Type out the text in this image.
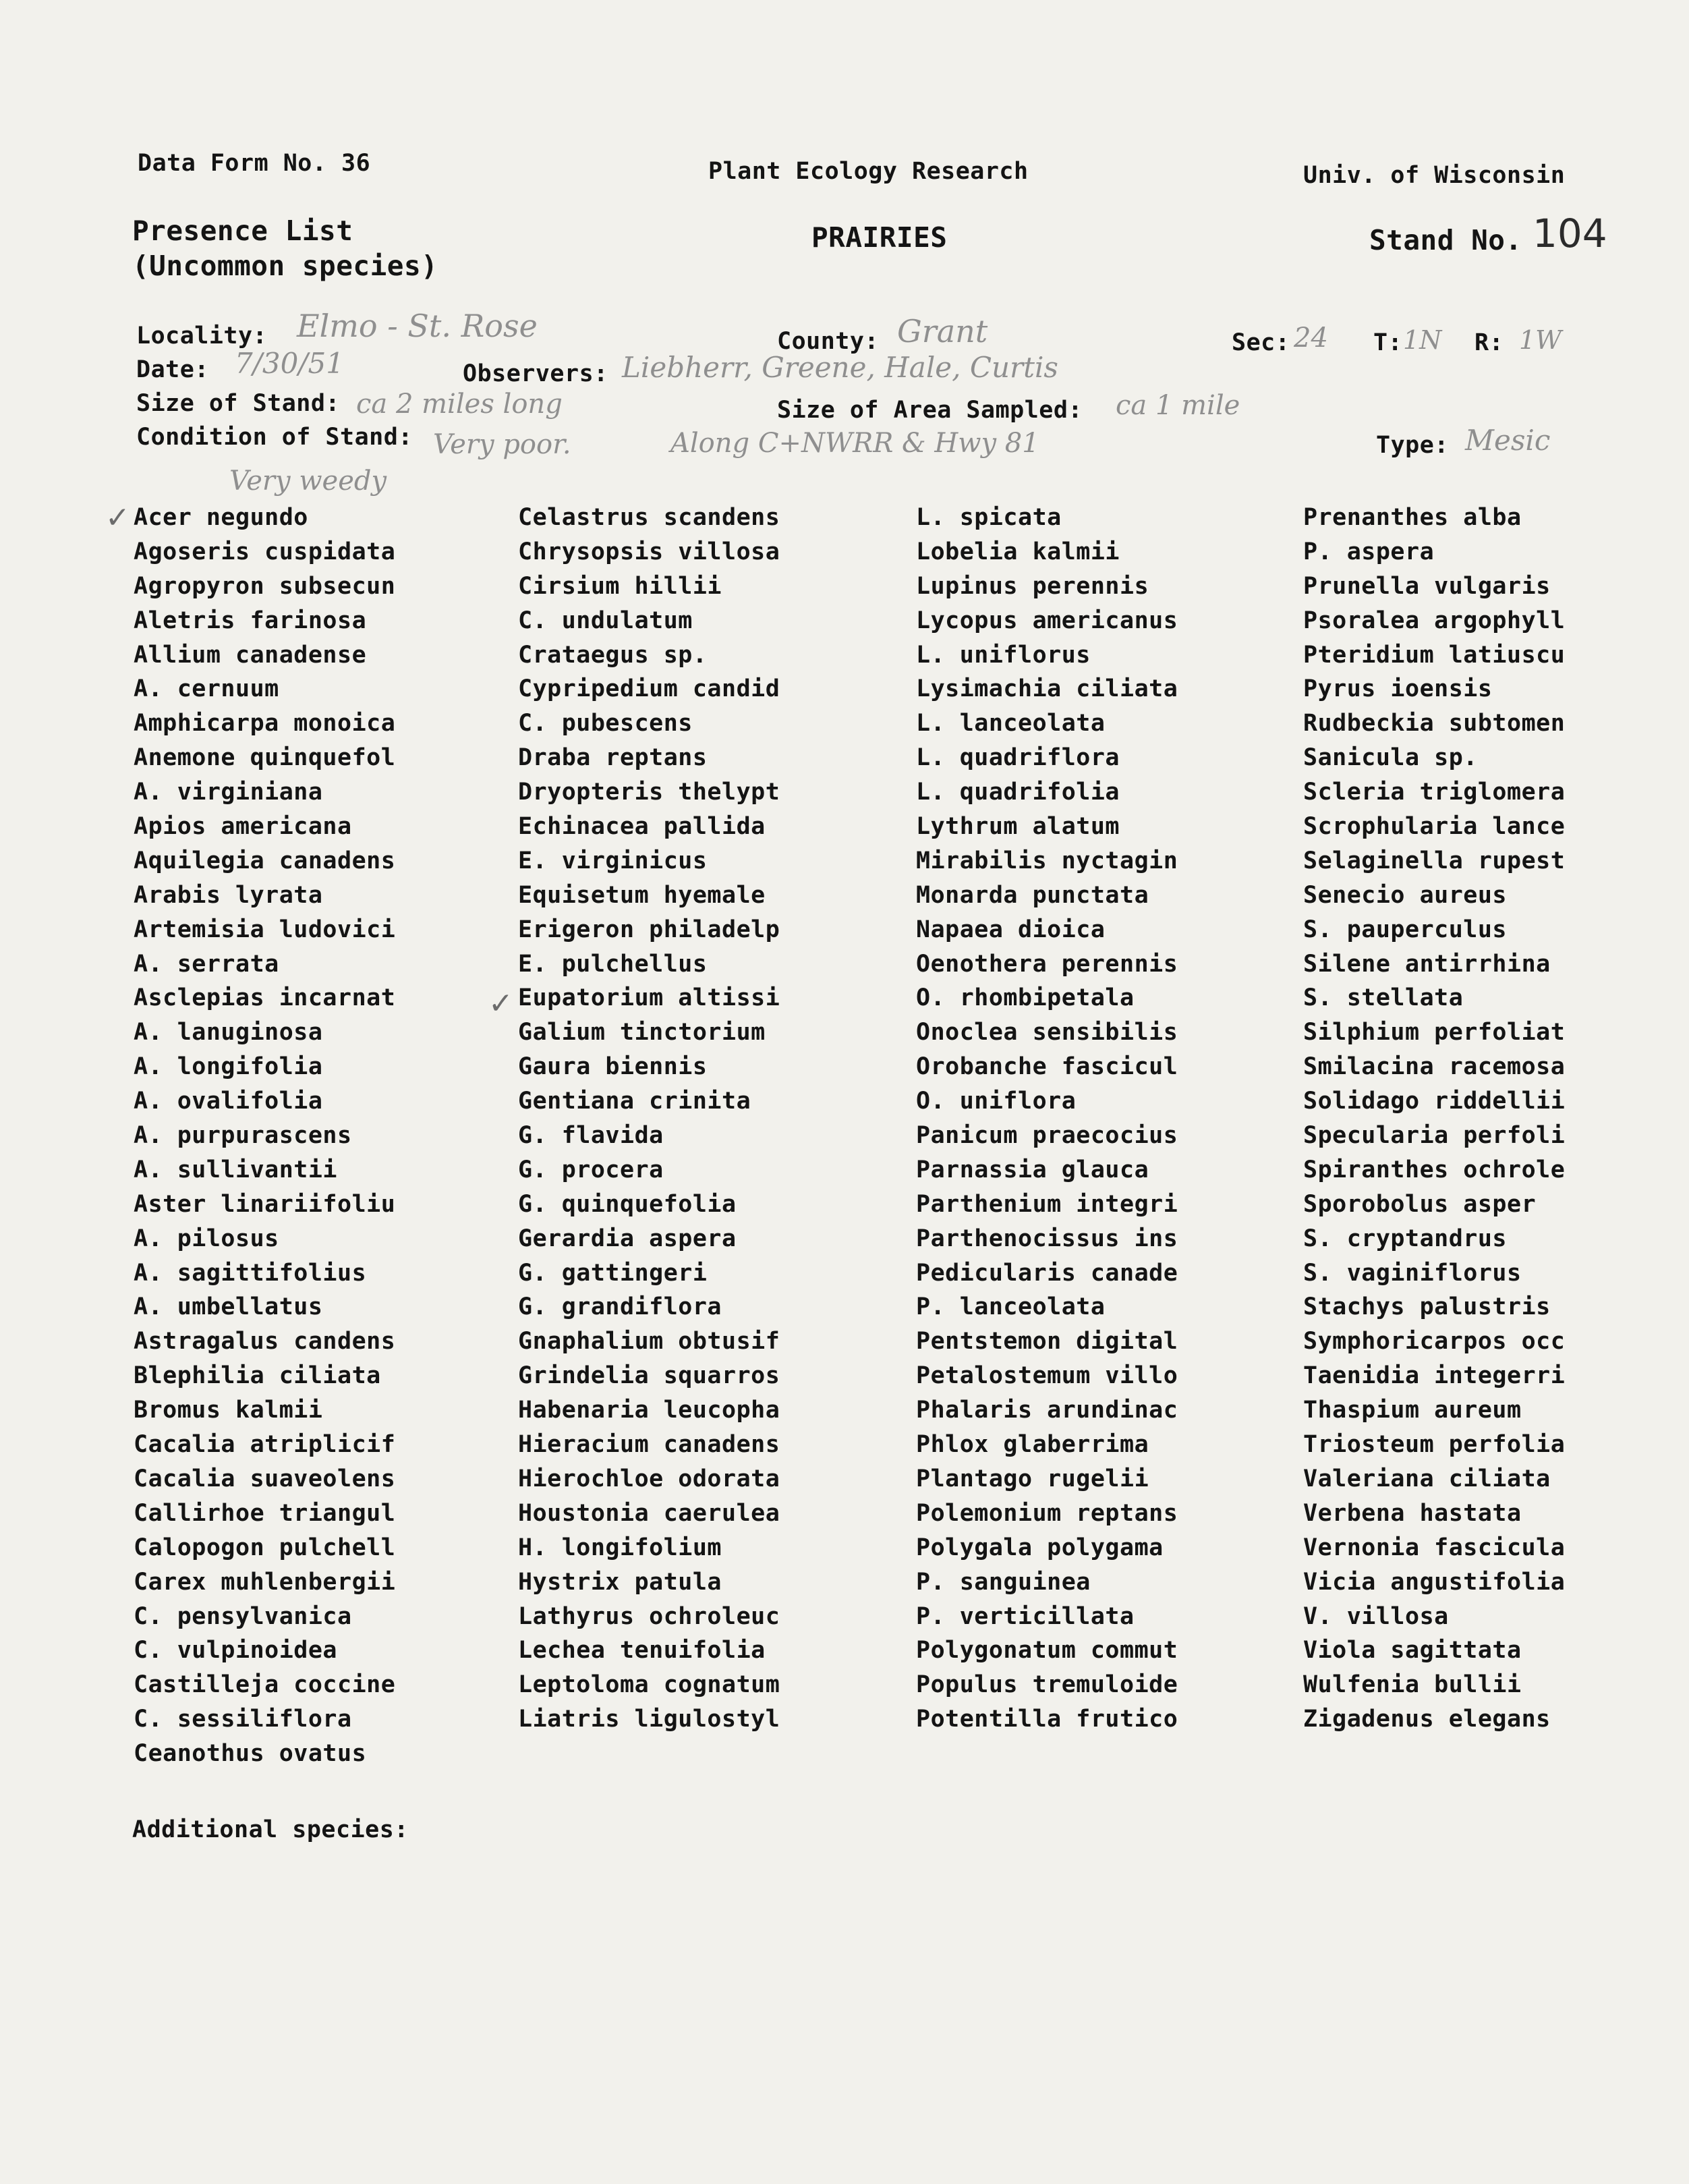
Data Form No. 36	Plant Ecology Research	Univ. of Wisconsin
Presence List
(Uncommon species)
PRAIRIES	Stand No. 104
Locality: Elmo - St. Rose	County: Grant	Sec: 24 T: 1N R: 1W
Date: 7/30/51	Observers: Liebherr, Greene, Hale, Curtis
Size of Stand: ca 2 miles long	Size of Area Sampled: ca 1 mile
Condition of Stand: Very poor.	Along C+NWRR & Hwy 81
Very weedy
Type: Mesic
✓
✓
Acer negundo
Agoseris cuspidata
Agropyron subsecun
Aletris farinosa
Allium canadense
A. cernuum
Amphicarpa monoica
Anemone quinquefol
A. virginiana
Apios americana
Aquilegia canadens
Arabis lyrata
Artemisia ludovici
A. serrata
Asclepias incarnat
A. lanuginosa
A. longifolia
A. ovalifolia
A. purpurascens
A. sullivantii
Aster linariifoliu
A. pilosus
A. sagittifolius
A. umbellatus
Astragalus candens
Blephilia ciliata
Bromus kalmii
Cacalia atriplicif
Cacalia suaveolens
Callirhoe triangul
Calopogon pulchell
Carex muhlenbergii
C. pensylvanica
C. vulpinoidea
Castilleja coccine
C. sessiliflora
Ceanothus ovatus
Celastrus scandens
Chrysopsis villosa
Cirsium hillii
C. undulatum
Crataegus sp.
Cypripedium candid
C. pubescens
Draba reptans
Dryopteris thelypt
Echinacea pallida
E. virginicus
Equisetum hyemale
Erigeron philadelp
E. pulchellus
Eupatorium altissi
Galium tinctorium
Gaura biennis
Gentiana crinita
G. flavida
G. procera
G. quinquefolia
Gerardia aspera
G. gattingeri
G. grandiflora
Gnaphalium obtusif
Grindelia squarros
Habenaria leucopha
Hieracium canadens
Hierochloe odorata
Houstonia caerulea
H. longifolium
Hystrix patula
Lathyrus ochroleuc
Lechea tenuifolia
Leptoloma cognatum
Liatris ligulostyl
L. spicata
Lobelia kalmii
Lupinus perennis
Lycopus americanus
L. uniflorus
Lysimachia ciliata
L. lanceolata
L. quadriflora
L. quadrifolia
Lythrum alatum
Mirabilis nyctagin
Monarda punctata
Napaea dioica
Oenothera perennis
O. rhombipetala
Onoclea sensibilis
Orobanche fascicul
O. uniflora
Panicum praecocius
Parnassia glauca
Parthenium integri
Parthenocissus ins
Pedicularis canade
P. lanceolata
Pentstemon digital
Petalostemum villo
Phalaris arundinac
Phlox glaberrima
Plantago rugelii
Polemonium reptans
Polygala polygama
P. sanguinea
P. verticillata
Polygonatum commut
Populus tremuloide
Potentilla frutico
Prenanthes alba
P. aspera
Prunella vulgaris
Psoralea argophyll
Pteridium latiuscu
Pyrus ioensis
Rudbeckia subtomen
Sanicula sp.
Scleria triglomera
Scrophularia lance
Selaginella rupest
Senecio aureus
S. pauperculus
Silene antirrhina
S. stellata
Silphium perfoliat
Smilacina racemosa
Solidago riddellii
Specularia perfoli
Spiranthes ochrole
Sporobolus asper
S. cryptandrus
S. vaginiflorus
Stachys palustris
Symphoricarpos occ
Taenidia integerri
Thaspium aureum
Triosteum perfolia
Valeriana ciliata
Verbena hastata
Vernonia fascicula
Vicia angustifolia
V. villosa
Viola sagittata
Wulfenia bullii
Zigadenus elegans
Additional species:
